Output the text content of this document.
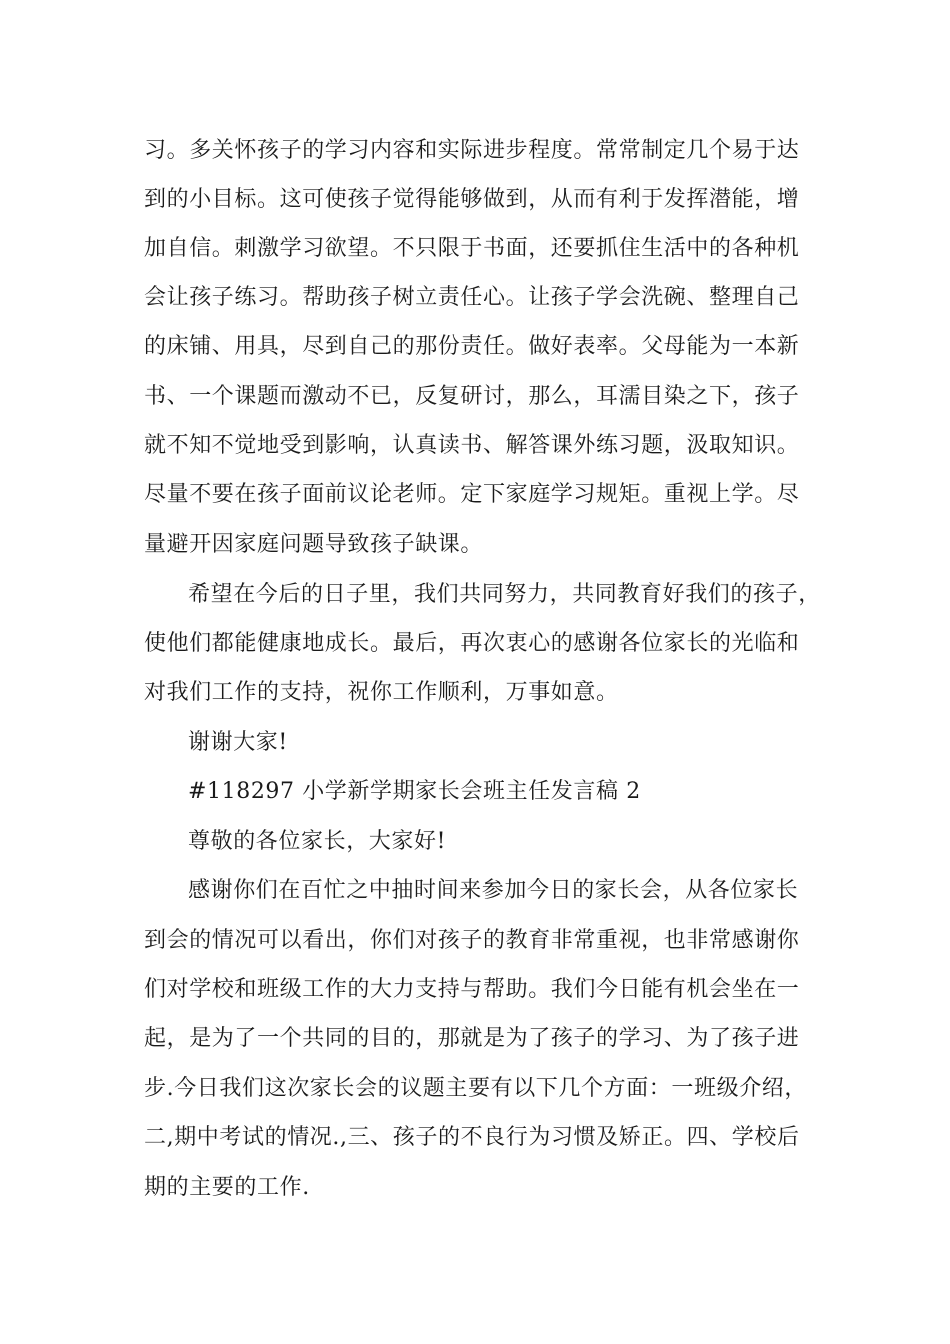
习。多关怀孩子的学习内容和实际进步程度。常常制定几个易于达

到的小目标。这可使孩子觉得能够做到，从而有利于发挥潜能，增

加自信。刺激学习欲望。不只限于书面，还要抓住生活中的各种机

会让孩子练习。帮助孩子树立责任心。让孩子学会洗碗、整理自己

的床铺、用具，尽到自己的那份责任。做好表率。父母能为一本新

书、一个课题而激动不已，反复研讨，那么，耳濡目染之下，孩子

就不知不觉地受到影响，认真读书、解答课外练习题，汲取知识。

尽量不要在孩子面前议论老师。定下家庭学习规矩。重视上学。尽

量避开因家庭问题导致孩子缺课。

希望在今后的日子里，我们共同努力，共同教育好我们的孩子，

使他们都能健康地成长。最后，再次衷心的感谢各位家长的光临和

对我们工作的支持，祝你工作顺利，万事如意。

谢谢大家!

#118297 小学新学期家长会班主任发言稿 2

尊敬的各位家长，大家好!

感谢你们在百忙之中抽时间来参加今日的家长会，从各位家长

到会的情况可以看出，你们对孩子的教育非常重视，也非常感谢你

们对学校和班级工作的大力支持与帮助。我们今日能有机会坐在一

起，是为了一个共同的目的，那就是为了孩子的学习、为了孩子进

步.今日我们这次家长会的议题主要有以下几个方面：一班级介绍，

二,期中考试的情况.,三、孩子的不良行为习惯及矫正。四、学校后

期的主要的工作.
